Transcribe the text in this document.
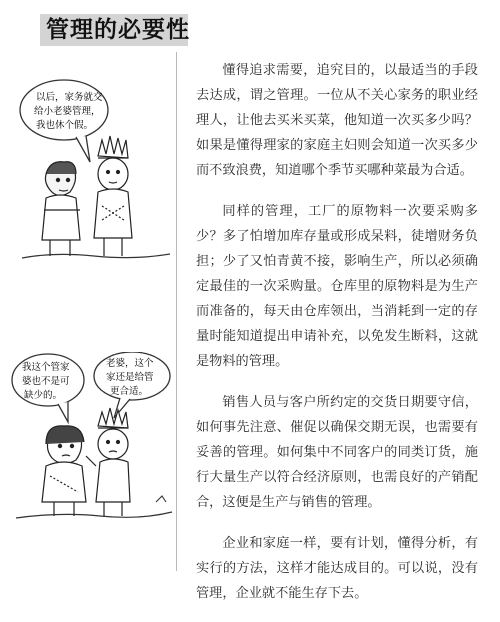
管理的必要性
以后，家务就交
给小老婆管理，
我也休个假。
我这个管家
婆也不是可
缺少的。
老婆，这个
家还是给管
更合适。

懂得追求需要，追究目的，以最适当的手段去达成，谓之管理。一位从不关心家务的职业经理人，让他去买米买菜，他知道一次买多少吗？如果是懂得理家的家庭主妇则会知道一次买多少而不致浪费，知道哪个季节买哪种菜最为合适。

同样的管理，工厂的原物料一次要采购多少？多了怕增加库存量或形成呆料，徒增财务负担；少了又怕青黄不接，影响生产，所以必须确定最佳的一次采购量。仓库里的原物料是为生产而准备的，每天由仓库领出，当消耗到一定的存量时能知道提出申请补充，以免发生断料，这就是物料的管理。

销售人员与客户所约定的交货日期要守信，如何事先注意、催促以确保交期无误，也需要有妥善的管理。如何集中不同客户的同类订货，施行大量生产以符合经济原则，也需良好的产销配合，这便是生产与销售的管理。

企业和家庭一样，要有计划，懂得分析，有实行的方法，这样才能达成目的。可以说，没有管理，企业就不能生存下去。
